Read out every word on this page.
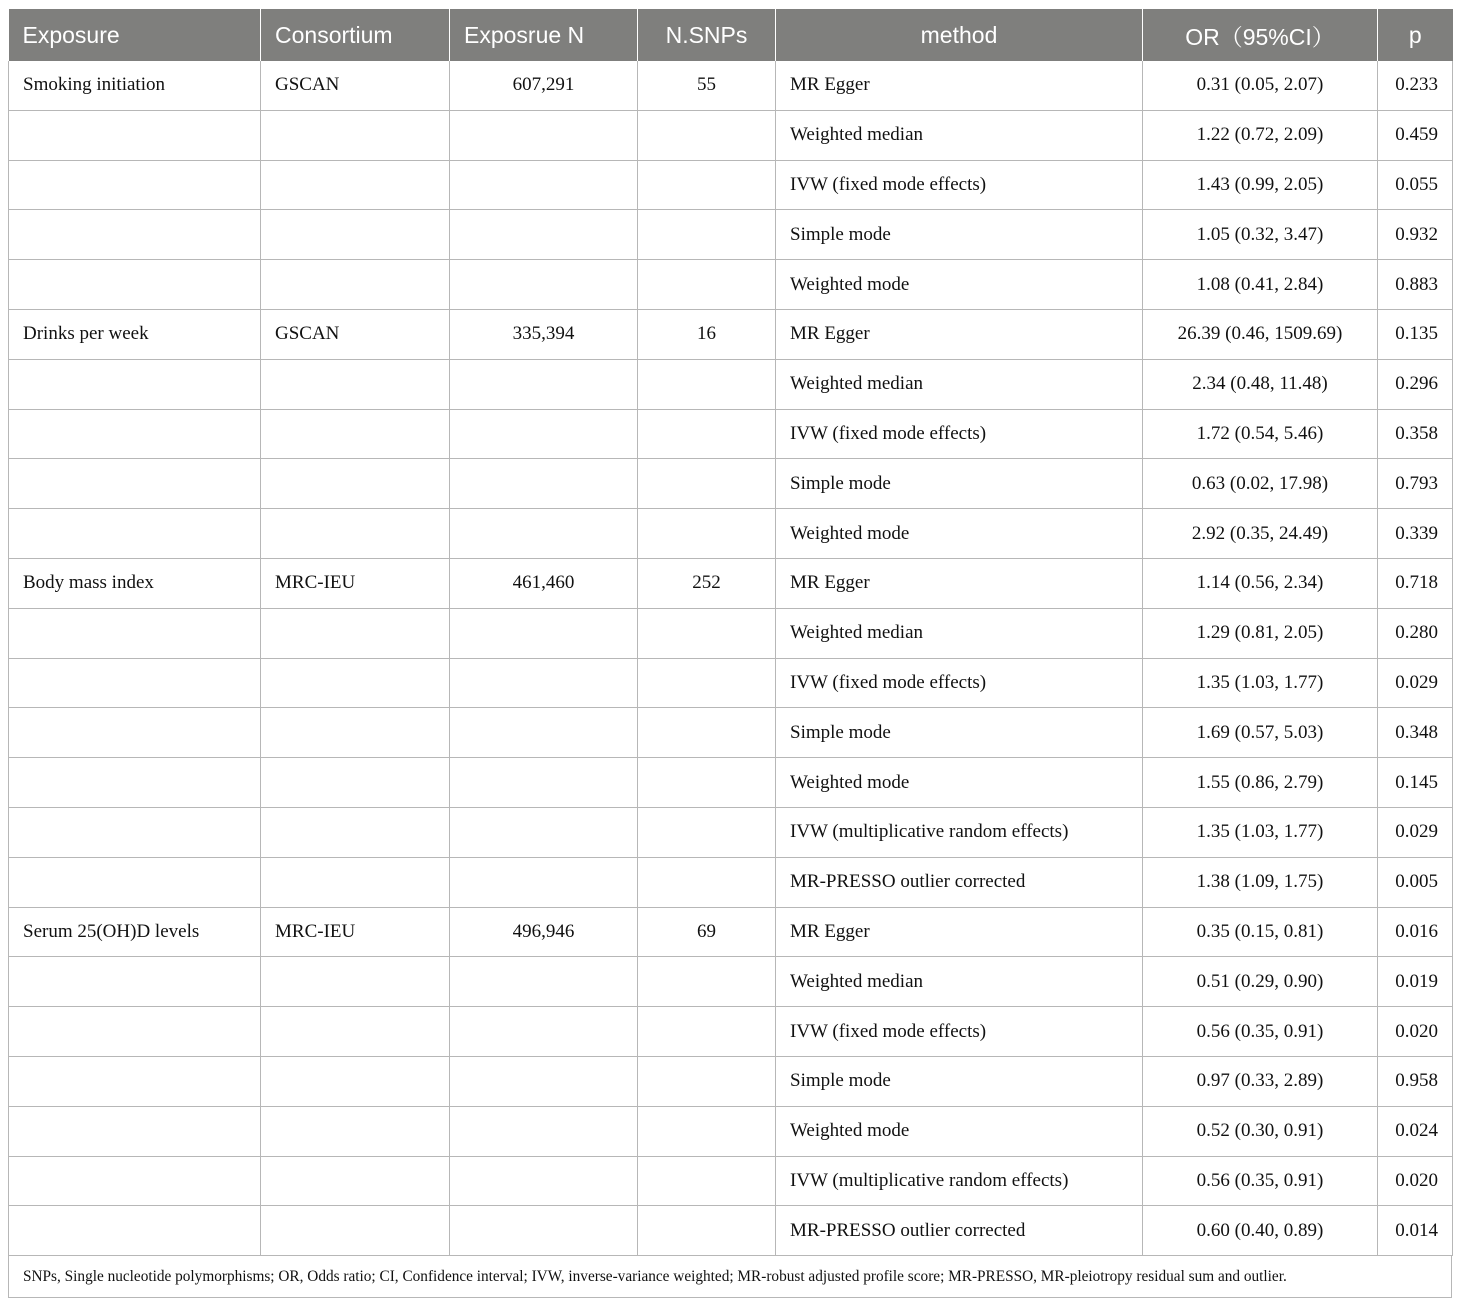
Exposure	Consortium	Exposrue N	N.SNPs	method	OR（95%CI）	p
Smoking initiation	GSCAN	607,291	55	MR Egger	0.31 (0.05, 2.07)	0.233
				Weighted median	1.22 (0.72, 2.09)	0.459
				IVW (fixed mode effects)	1.43 (0.99, 2.05)	0.055
				Simple mode	1.05 (0.32, 3.47)	0.932
				Weighted mode	1.08 (0.41, 2.84)	0.883
Drinks per week	GSCAN	335,394	16	MR Egger	26.39 (0.46, 1509.69)	0.135
				Weighted median	2.34 (0.48, 11.48)	0.296
				IVW (fixed mode effects)	1.72 (0.54, 5.46)	0.358
				Simple mode	0.63 (0.02, 17.98)	0.793
				Weighted mode	2.92 (0.35, 24.49)	0.339
Body mass index	MRC-IEU	461,460	252	MR Egger	1.14 (0.56, 2.34)	0.718
				Weighted median	1.29 (0.81, 2.05)	0.280
				IVW (fixed mode effects)	1.35 (1.03, 1.77)	0.029
				Simple mode	1.69 (0.57, 5.03)	0.348
				Weighted mode	1.55 (0.86, 2.79)	0.145
				IVW (multiplicative random effects)	1.35 (1.03, 1.77)	0.029
				MR-PRESSO outlier corrected	1.38 (1.09, 1.75)	0.005
Serum 25(OH)D levels	MRC-IEU	496,946	69	MR Egger	0.35 (0.15, 0.81)	0.016
				Weighted median	0.51 (0.29, 0.90)	0.019
				IVW (fixed mode effects)	0.56 (0.35, 0.91)	0.020
				Simple mode	0.97 (0.33, 2.89)	0.958
				Weighted mode	0.52 (0.30, 0.91)	0.024
				IVW (multiplicative random effects)	0.56 (0.35, 0.91)	0.020
				MR-PRESSO outlier corrected	0.60 (0.40, 0.89)	0.014
SNPs, Single nucleotide polymorphisms; OR, Odds ratio; CI, Confidence interval; IVW, inverse-variance weighted; MR-robust adjusted profile score; MR-PRESSO, MR-pleiotropy residual sum and outlier.
